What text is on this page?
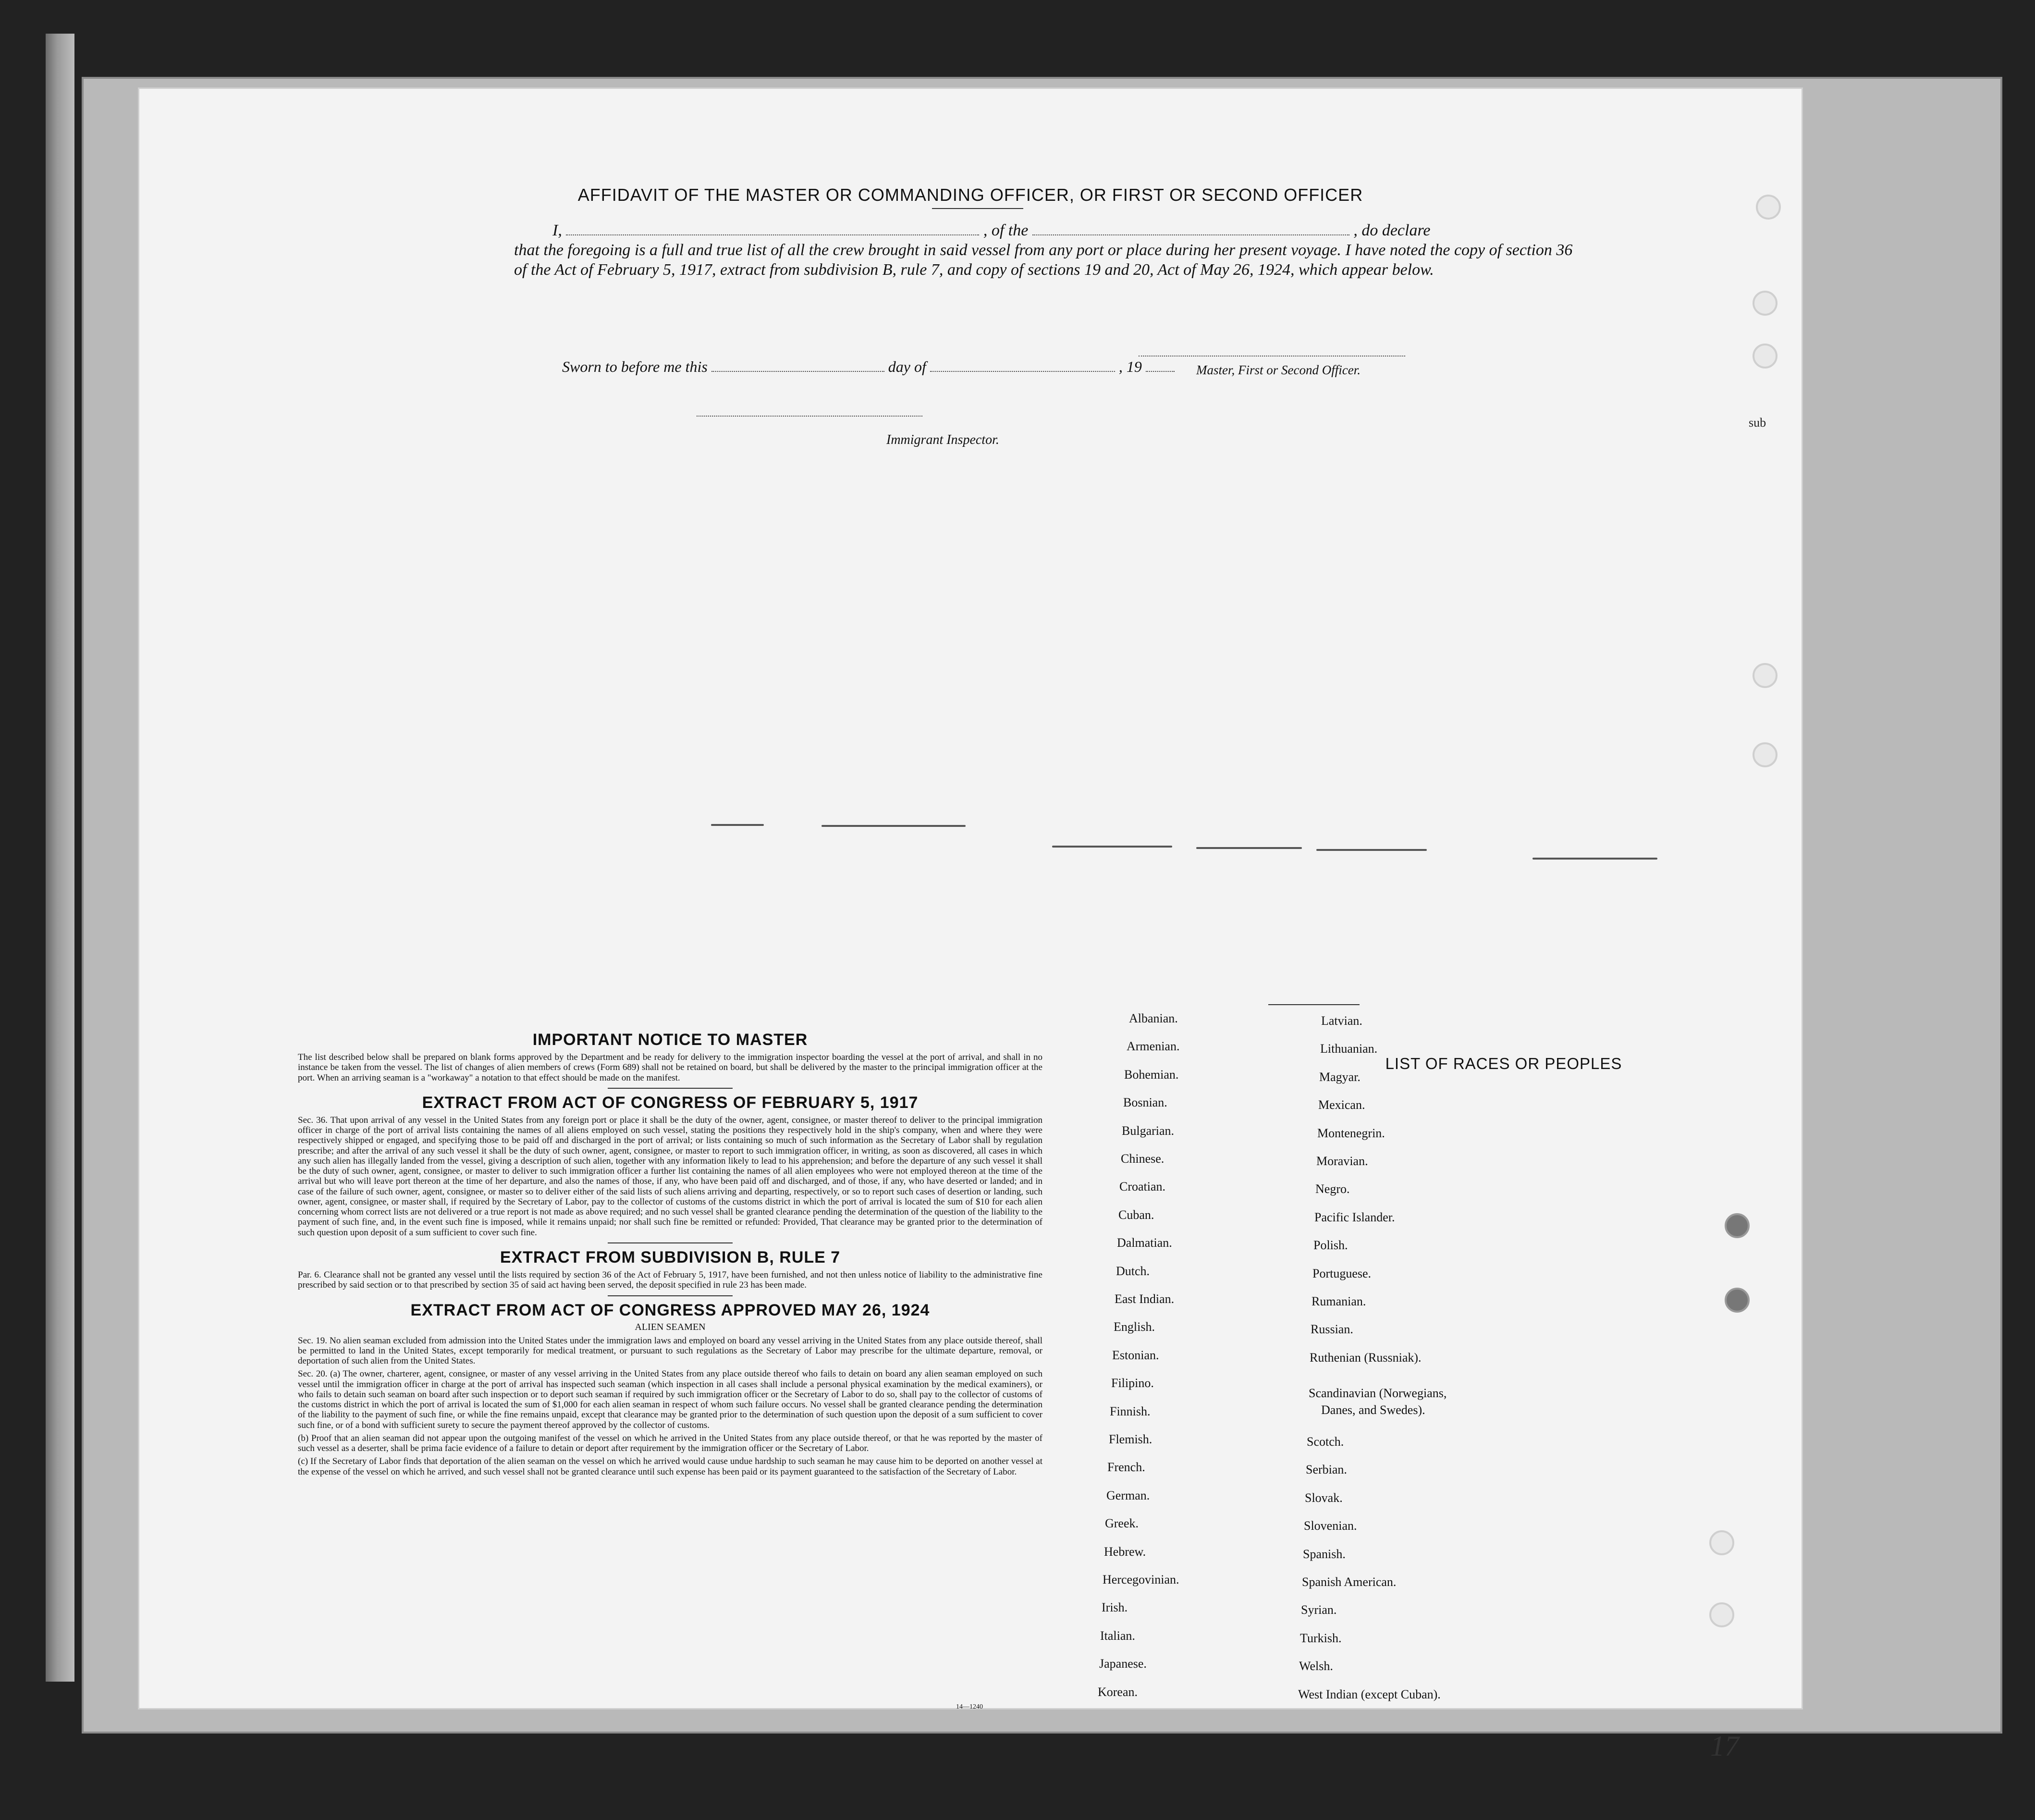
sub
AFFIDAVIT OF THE MASTER OR COMMANDING OFFICER, OR FIRST OR SECOND OFFICER
I,	, of the	, do declare
that the foregoing is a full and true list of all the crew brought in said vessel from any port or place during her present voyage. I have noted the copy of section 36 of the Act of February 5, 1917, extract from subdivision B, rule 7, and copy of sections 19 and 20, Act of May 26, 1924, which appear below.
Master, First or Second Officer.
Sworn to before me this	day of	, 19
Immigrant Inspector.
IMPORTANT NOTICE TO MASTER

The list described below shall be prepared on blank forms approved by the Department and be ready for delivery to the immigration inspector boarding the vessel at the port of arrival, and shall in no instance be taken from the vessel. The list of changes of alien members of crews (Form 689) shall not be retained on board, but shall be delivered by the master to the principal immigration officer at the port. When an arriving seaman is a "workaway" a notation to that effect should be made on the manifest.

EXTRACT FROM ACT OF CONGRESS OF FEBRUARY 5, 1917

Sec. 36. That upon arrival of any vessel in the United States from any foreign port or place it shall be the duty of the owner, agent, consignee, or master thereof to deliver to the principal immigration officer in charge of the port of arrival lists containing the names of all aliens employed on such vessel, stating the positions they respectively hold in the ship's company, when and where they were respectively shipped or engaged, and specifying those to be paid off and discharged in the port of arrival; or lists containing so much of such information as the Secretary of Labor shall by regulation prescribe; and after the arrival of any such vessel it shall be the duty of such owner, agent, consignee, or master to report to such immigration officer, in writing, as soon as discovered, all cases in which any such alien has illegally landed from the vessel, giving a description of such alien, together with any information likely to lead to his apprehension; and before the departure of any such vessel it shall be the duty of such owner, agent, consignee, or master to deliver to such immigration officer a further list containing the names of all alien employees who were not employed thereon at the time of the arrival but who will leave port thereon at the time of her departure, and also the names of those, if any, who have been paid off and discharged, and of those, if any, who have deserted or landed; and in case of the failure of such owner, agent, consignee, or master so to deliver either of the said lists of such aliens arriving and departing, respectively, or so to report such cases of desertion or landing, such owner, agent, consignee, or master shall, if required by the Secretary of Labor, pay to the collector of customs of the customs district in which the port of arrival is located the sum of $10 for each alien concerning whom correct lists are not delivered or a true report is not made as above required; and no such vessel shall be granted clearance pending the determination of the question of the liability to the payment of such fine, and, in the event such fine is imposed, while it remains unpaid; nor shall such fine be remitted or refunded: Provided, That clearance may be granted prior to the determination of such question upon deposit of a sum sufficient to cover such fine.

EXTRACT FROM SUBDIVISION B, RULE 7

Par. 6. Clearance shall not be granted any vessel until the lists required by section 36 of the Act of February 5, 1917, have been furnished, and not then unless notice of liability to the administrative fine prescribed by said section or to that prescribed by section 35 of said act having been served, the deposit specified in rule 23 has been made.

EXTRACT FROM ACT OF CONGRESS APPROVED MAY 26, 1924
ALIEN SEAMEN

Sec. 19. No alien seaman excluded from admission into the United States under the immigration laws and employed on board any vessel arriving in the United States from any place outside thereof, shall be permitted to land in the United States, except temporarily for medical treatment, or pursuant to such regulations as the Secretary of Labor may prescribe for the ultimate departure, removal, or deportation of such alien from the United States.

Sec. 20. (a) The owner, charterer, agent, consignee, or master of any vessel arriving in the United States from any place outside thereof who fails to detain on board any alien seaman employed on such vessel until the immigration officer in charge at the port of arrival has inspected such seaman (which inspection in all cases shall include a personal physical examination by the medical examiners), or who fails to detain such seaman on board after such inspection or to deport such seaman if required by such immigration officer or the Secretary of Labor to do so, shall pay to the collector of customs of the customs district in which the port of arrival is located the sum of $1,000 for each alien seaman in respect of whom such failure occurs. No vessel shall be granted clearance pending the determination of the liability to the payment of such fine, or while the fine remains unpaid, except that clearance may be granted prior to the determination of such question upon the deposit of a sum sufficient to cover such fine, or of a bond with sufficient surety to secure the payment thereof approved by the collector of customs.

(b) Proof that an alien seaman did not appear upon the outgoing manifest of the vessel on which he arrived in the United States from any place outside thereof, or that he was reported by the master of such vessel as a deserter, shall be prima facie evidence of a failure to detain or deport after requirement by the immigration officer or the Secretary of Labor.

(c) If the Secretary of Labor finds that deportation of the alien seaman on the vessel on which he arrived would cause undue hardship to such seaman he may cause him to be deported on another vessel at the expense of the vessel on which he arrived, and such vessel shall not be granted clearance until such expense has been paid or its payment guaranteed to the satisfaction of the Secretary of Labor.

14—1240
LIST OF RACES OR PEOPLES
Albanian.
Armenian.
Bohemian.
Bosnian.
Bulgarian.
Chinese.
Croatian.
Cuban.
Dalmatian.
Dutch.
East Indian.
English.
Estonian.
Filipino.
Finnish.
Flemish.
French.
German.
Greek.
Hebrew.
Hercegovinian.
Irish.
Italian.
Japanese.
Korean.
Latvian.
Lithuanian.
Magyar.
Mexican.
Montenegrin.
Moravian.
Negro.
Pacific Islander.
Polish.
Portuguese.
Rumanian.
Russian.
Ruthenian (Russniak).
Scandinavian (Norwegians,
Danes, and Swedes).
Scotch.
Serbian.
Slovak.
Slovenian.
Spanish.
Spanish American.
Syrian.
Turkish.
Welsh.
West Indian (except Cuban).
17
